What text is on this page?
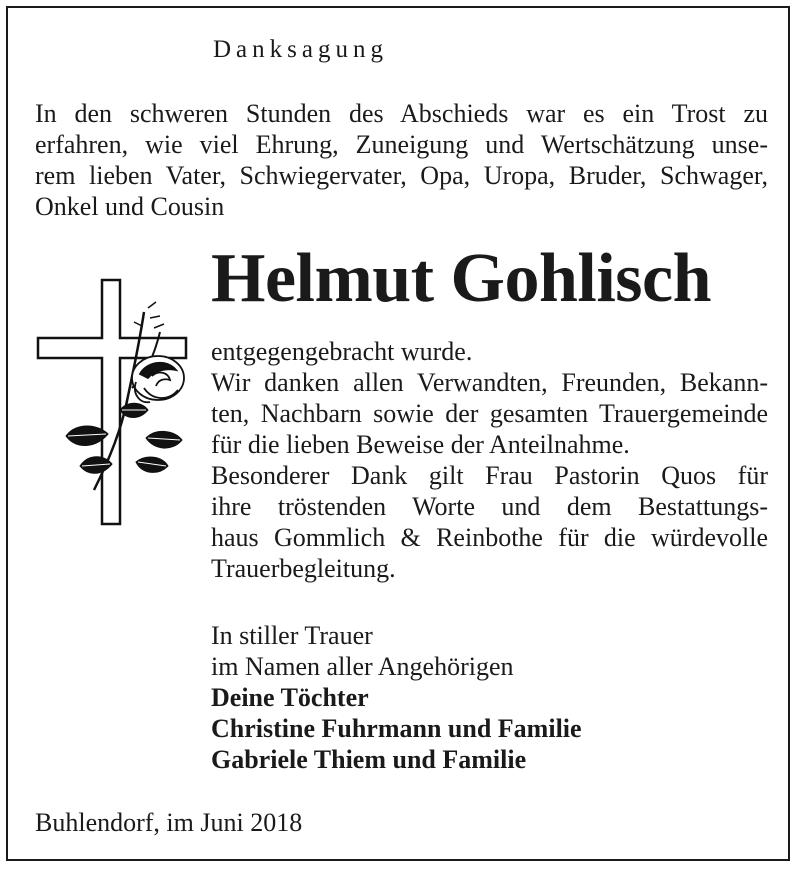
Danksagung
In den schweren Stunden des Abschieds war es ein Trost zu
erfahren, wie viel Ehrung, Zuneigung und Wertschätzung unse-
rem lieben Vater, Schwiegervater, Opa, Uropa, Bruder, Schwager,
Onkel und Cousin
Helmut Gohlisch
entgegengebracht wurde.
Wir danken allen Verwandten, Freunden, Bekann-
ten, Nachbarn sowie der gesamten Trauergemeinde
für die lieben Beweise der Anteilnahme.
Besonderer Dank gilt Frau Pastorin Quos für
ihre tröstenden Worte und dem Bestattungs-
haus Gommlich & Reinbothe für die würdevolle
Trauerbegleitung.
In stiller Trauer
im Namen aller Angehörigen
Deine Töchter
Christine Fuhrmann und Familie
Gabriele Thiem und Familie
Buhlendorf, im Juni 2018
